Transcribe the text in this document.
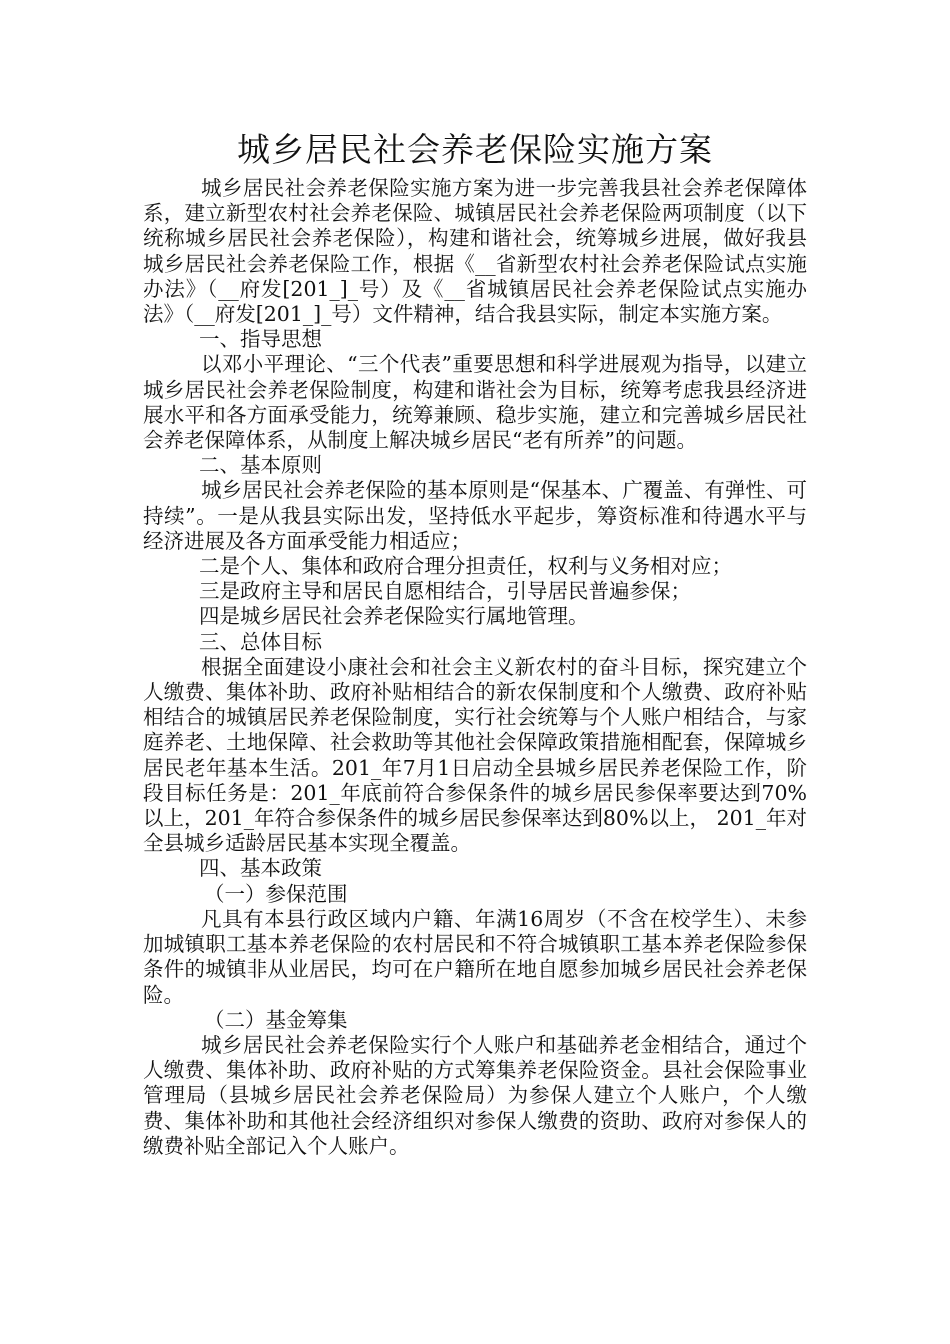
城乡居民社会养老保险实施方案

城乡居民社会养老保险实施方案为进一步完善我县社会养老保障体系，建立新型农村社会养老保险、城镇居民社会养老保险两项制度（以下统称城乡居民社会养老保险），构建和谐社会，统筹城乡进展，做好我县城乡居民社会养老保险工作，根据《__省新型农村社会养老保险试点实施办法》（__府发[201_]_号）及《__省城镇居民社会养老保险试点实施办法》（__府发[201_]_号）文件精神，结合我县实际，制定本实施方案。

一、指导思想

以邓小平理论、“三个代表”重要思想和科学进展观为指导，以建立城乡居民社会养老保险制度，构建和谐社会为目标，统筹考虑我县经济进展水平和各方面承受能力，统筹兼顾、稳步实施，建立和完善城乡居民社会养老保障体系，从制度上解决城乡居民“老有所养”的问题。

二、基本原则

城乡居民社会养老保险的基本原则是“保基本、广覆盖、有弹性、可持续”。一是从我县实际出发，坚持低水平起步，筹资标准和待遇水平与经济进展及各方面承受能力相适应；

二是个人、集体和政府合理分担责任，权利与义务相对应；

三是政府主导和居民自愿相结合，引导居民普遍参保；

四是城乡居民社会养老保险实行属地管理。

三、总体目标

根据全面建设小康社会和社会主义新农村的奋斗目标，探究建立个人缴费、集体补助、政府补贴相结合的新农保制度和个人缴费、政府补贴相结合的城镇居民养老保险制度，实行社会统筹与个人账户相结合，与家庭养老、土地保障、社会救助等其他社会保障政策措施相配套，保障城乡居民老年基本生活。201_年7月1日启动全县城乡居民养老保险工作，阶段目标任务是：201_年底前符合参保条件的城乡居民参保率要达到70%以上，201_年符合参保条件的城乡居民参保率达到80%以上， 201_年对全县城乡适龄居民基本实现全覆盖。

四、基本政策

（一）参保范围

凡具有本县行政区域内户籍、年满16周岁（不含在校学生）、未参加城镇职工基本养老保险的农村居民和不符合城镇职工基本养老保险参保条件的城镇非从业居民，均可在户籍所在地自愿参加城乡居民社会养老保险。

（二）基金筹集

城乡居民社会养老保险实行个人账户和基础养老金相结合，通过个人缴费、集体补助、政府补贴的方式筹集养老保险资金。县社会保险事业管理局（县城乡居民社会养老保险局）为参保人建立个人账户，个人缴费、集体补助和其他社会经济组织对参保人缴费的资助、政府对参保人的缴费补贴全部记入个人账户。
